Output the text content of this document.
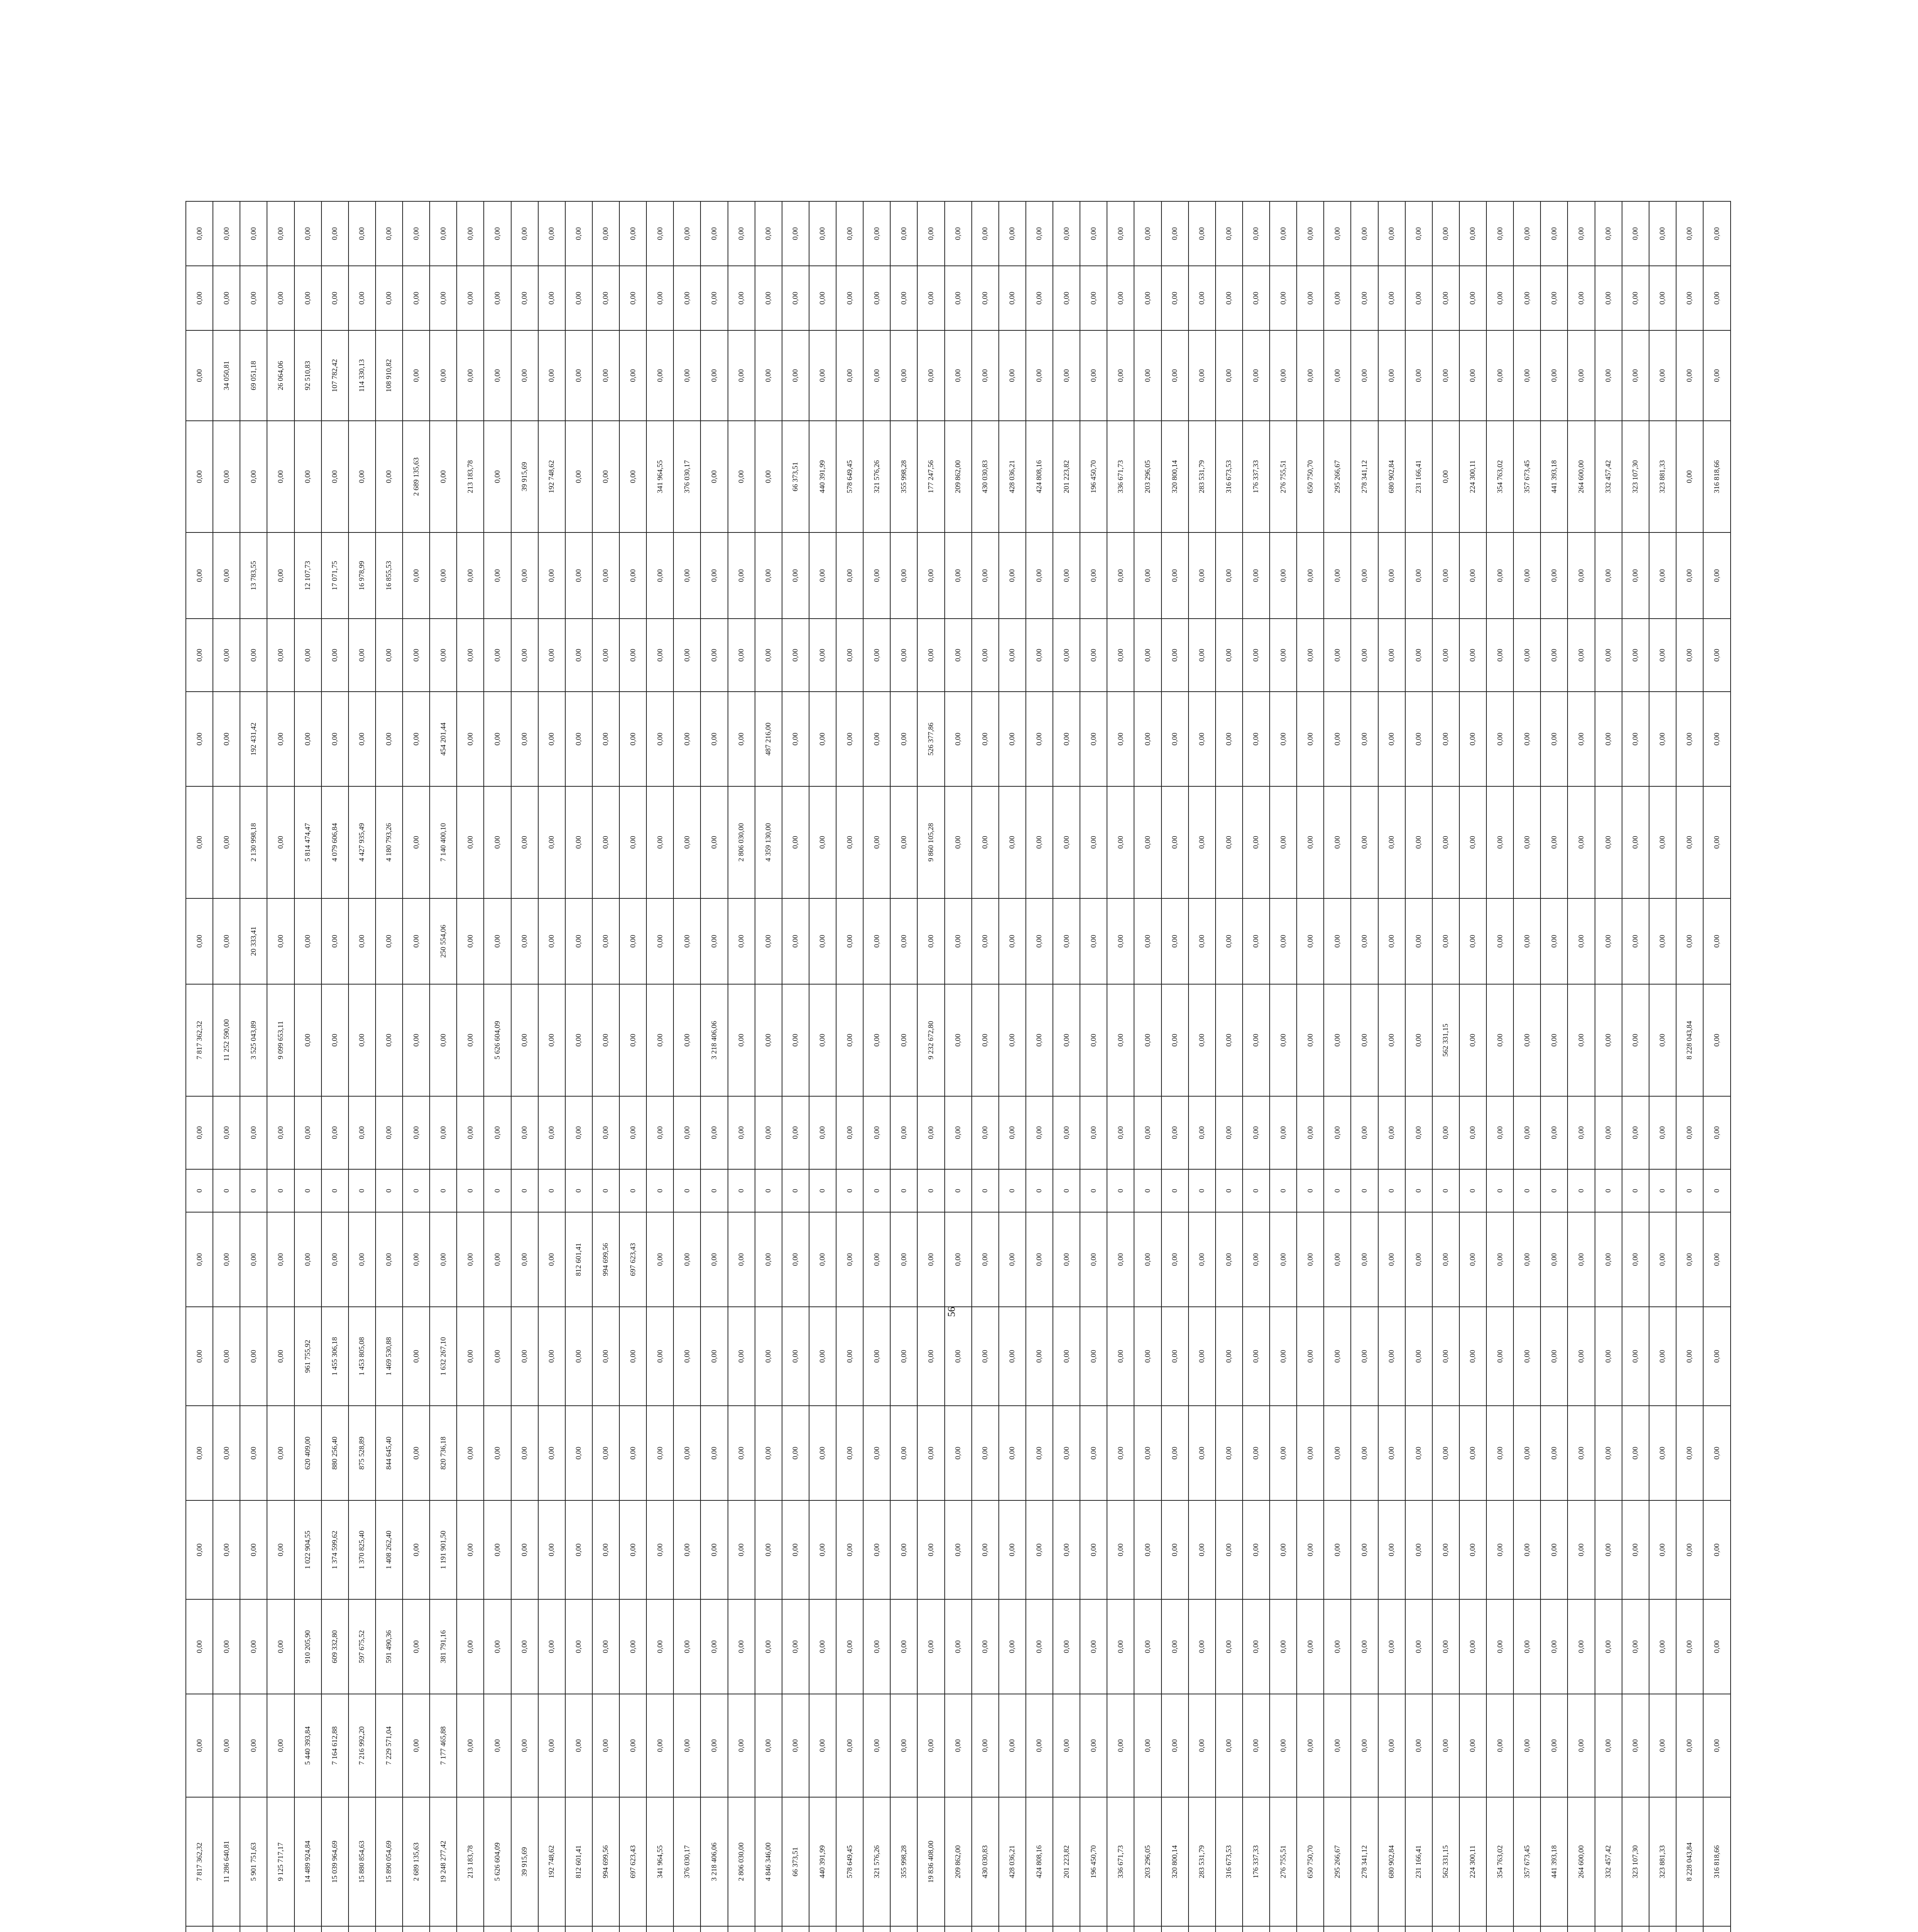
		7 817 362,32	0,00	0,00	0,00	0,00	0,00	0,00	0	0,00	7 817 362,32	0,00	0,00	0,00	0,00	0,00	0,00	0,00	0,00	0,00
		11 286 640,81	0,00	0,00	0,00	0,00	0,00	0,00	0	0,00	11 252 590,00	0,00	0,00	0,00	0,00	0,00	0,00	34 050,81	0,00	0,00
		5 901 751,63	0,00	0,00	0,00	0,00	0,00	0,00	0	0,00	3 525 043,89	20 333,41	2 130 998,18	192 431,42	0,00	13 783,55	0,00	69 051,18	0,00	0,00
		9 125 717,17	0,00	0,00	0,00	0,00	0,00	0,00	0	0,00	9 099 653,11	0,00	0,00	0,00	0,00	0,00	0,00	26 064,06	0,00	0,00
		14 489 924,84	5 440 393,84	910 205,90	1 022 904,55	620 409,00	961 755,92	0,00	0	0,00	0,00	0,00	5 814 474,47	0,00	0,00	12 107,73	0,00	92 510,83	0,00	0,00
		15 039 964,69	7 164 612,88	609 332,80	1 374 599,62	880 256,40	1 455 306,18	0,00	0	0,00	0,00	0,00	4 079 606,84	0,00	0,00	17 071,75	0,00	107 782,42	0,00	0,00
		15 880 854,63	7 216 992,20	597 675,52	1 370 825,40	875 528,89	1 453 805,08	0,00	0	0,00	0,00	0,00	4 427 935,49	0,00	0,00	16 978,99	0,00	114 330,13	0,00	0,00
		15 890 054,69	7 229 571,04	591 490,36	1 408 262,40	844 645,40	1 469 530,88	0,00	0	0,00	0,00	0,00	4 180 793,26	0,00	0,00	16 855,53	0,00	108 910,82	0,00	0,00
		2 689 135,63	0,00	0,00	0,00	0,00	0,00	0,00	0	0,00	0,00	0,00	0,00	0,00	0,00	0,00	2 689 135,63	0,00	0,00	0,00
		19 248 277,42	7 177 465,88	381 791,16	1 191 901,50	820 736,18	1 632 267,10	0,00	0	0,00	0,00	250 554,06	7 140 400,10	454 201,44	0,00	0,00	0,00	0,00	0,00	0,00
		213 183,78	0,00	0,00	0,00	0,00	0,00	0,00	0	0,00	0,00	0,00	0,00	0,00	0,00	0,00	213 183,78	0,00	0,00	0,00
		5 626 604,09	0,00	0,00	0,00	0,00	0,00	0,00	0	0,00	5 626 604,09	0,00	0,00	0,00	0,00	0,00	0,00	0,00	0,00	0,00
		39 915,69	0,00	0,00	0,00	0,00	0,00	0,00	0	0,00	0,00	0,00	0,00	0,00	0,00	0,00	39 915,69	0,00	0,00	0,00
		192 748,62	0,00	0,00	0,00	0,00	0,00	0,00	0	0,00	0,00	0,00	0,00	0,00	0,00	0,00	192 748,62	0,00	0,00	0,00
		812 601,41	0,00	0,00	0,00	0,00	0,00	812 601,41	0	0,00	0,00	0,00	0,00	0,00	0,00	0,00	0,00	0,00	0,00	0,00
		994 699,56	0,00	0,00	0,00	0,00	0,00	994 699,56	0	0,00	0,00	0,00	0,00	0,00	0,00	0,00	0,00	0,00	0,00	0,00
		697 623,43	0,00	0,00	0,00	0,00	0,00	697 623,43	0	0,00	0,00	0,00	0,00	0,00	0,00	0,00	0,00	0,00	0,00	0,00
		341 964,55	0,00	0,00	0,00	0,00	0,00	0,00	0	0,00	0,00	0,00	0,00	0,00	0,00	0,00	341 964,55	0,00	0,00	0,00
		376 030,17	0,00	0,00	0,00	0,00	0,00	0,00	0	0,00	0,00	0,00	0,00	0,00	0,00	0,00	376 030,17	0,00	0,00	0,00
		3 218 406,06	0,00	0,00	0,00	0,00	0,00	0,00	0	0,00	3 218 406,06	0,00	0,00	0,00	0,00	0,00	0,00	0,00	0,00	0,00
		2 806 030,00	0,00	0,00	0,00	0,00	0,00	0,00	0	0,00	0,00	0,00	2 806 030,00	0,00	0,00	0,00	0,00	0,00	0,00	0,00
		4 846 346,00	0,00	0,00	0,00	0,00	0,00	0,00	0	0,00	0,00	0,00	4 359 130,00	487 216,00	0,00	0,00	0,00	0,00	0,00	0,00
		66 373,51	0,00	0,00	0,00	0,00	0,00	0,00	0	0,00	0,00	0,00	0,00	0,00	0,00	0,00	66 373,51	0,00	0,00	0,00
		440 391,99	0,00	0,00	0,00	0,00	0,00	0,00	0	0,00	0,00	0,00	0,00	0,00	0,00	0,00	440 391,99	0,00	0,00	0,00
		578 649,45	0,00	0,00	0,00	0,00	0,00	0,00	0	0,00	0,00	0,00	0,00	0,00	0,00	0,00	578 649,45	0,00	0,00	0,00
		321 576,26	0,00	0,00	0,00	0,00	0,00	0,00	0	0,00	0,00	0,00	0,00	0,00	0,00	0,00	321 576,26	0,00	0,00	0,00
		355 998,28	0,00	0,00	0,00	0,00	0,00	0,00	0	0,00	0,00	0,00	0,00	0,00	0,00	0,00	355 998,28	0,00	0,00	0,00
		19 836 408,00	0,00	0,00	0,00	0,00	0,00	0,00	0	0,00	9 232 672,80	0,00	9 860 105,28	526 377,86	0,00	0,00	177 247,56	0,00	0,00	0,00
		209 862,00	0,00	0,00	0,00	0,00	0,00	0,00	0	0,00	0,00	0,00	0,00	0,00	0,00	0,00	209 862,00	0,00	0,00	0,00
		430 030,83	0,00	0,00	0,00	0,00	0,00	0,00	0	0,00	0,00	0,00	0,00	0,00	0,00	0,00	430 030,83	0,00	0,00	0,00
		428 036,21	0,00	0,00	0,00	0,00	0,00	0,00	0	0,00	0,00	0,00	0,00	0,00	0,00	0,00	428 036,21	0,00	0,00	0,00
		424 808,16	0,00	0,00	0,00	0,00	0,00	0,00	0	0,00	0,00	0,00	0,00	0,00	0,00	0,00	424 808,16	0,00	0,00	0,00
		201 223,82	0,00	0,00	0,00	0,00	0,00	0,00	0	0,00	0,00	0,00	0,00	0,00	0,00	0,00	201 223,82	0,00	0,00	0,00
		196 450,70	0,00	0,00	0,00	0,00	0,00	0,00	0	0,00	0,00	0,00	0,00	0,00	0,00	0,00	196 450,70	0,00	0,00	0,00
		336 671,73	0,00	0,00	0,00	0,00	0,00	0,00	0	0,00	0,00	0,00	0,00	0,00	0,00	0,00	336 671,73	0,00	0,00	0,00
		203 296,05	0,00	0,00	0,00	0,00	0,00	0,00	0	0,00	0,00	0,00	0,00	0,00	0,00	0,00	203 296,05	0,00	0,00	0,00
		320 800,14	0,00	0,00	0,00	0,00	0,00	0,00	0	0,00	0,00	0,00	0,00	0,00	0,00	0,00	320 800,14	0,00	0,00	0,00
		283 531,79	0,00	0,00	0,00	0,00	0,00	0,00	0	0,00	0,00	0,00	0,00	0,00	0,00	0,00	283 531,79	0,00	0,00	0,00
		316 673,53	0,00	0,00	0,00	0,00	0,00	0,00	0	0,00	0,00	0,00	0,00	0,00	0,00	0,00	316 673,53	0,00	0,00	0,00
		176 337,33	0,00	0,00	0,00	0,00	0,00	0,00	0	0,00	0,00	0,00	0,00	0,00	0,00	0,00	176 337,33	0,00	0,00	0,00
		276 755,51	0,00	0,00	0,00	0,00	0,00	0,00	0	0,00	0,00	0,00	0,00	0,00	0,00	0,00	276 755,51	0,00	0,00	0,00
		650 750,70	0,00	0,00	0,00	0,00	0,00	0,00	0	0,00	0,00	0,00	0,00	0,00	0,00	0,00	650 750,70	0,00	0,00	0,00
		295 266,67	0,00	0,00	0,00	0,00	0,00	0,00	0	0,00	0,00	0,00	0,00	0,00	0,00	0,00	295 266,67	0,00	0,00	0,00
		278 341,12	0,00	0,00	0,00	0,00	0,00	0,00	0	0,00	0,00	0,00	0,00	0,00	0,00	0,00	278 341,12	0,00	0,00	0,00
		680 902,84	0,00	0,00	0,00	0,00	0,00	0,00	0	0,00	0,00	0,00	0,00	0,00	0,00	0,00	680 902,84	0,00	0,00	0,00
		231 166,41	0,00	0,00	0,00	0,00	0,00	0,00	0	0,00	0,00	0,00	0,00	0,00	0,00	0,00	231 166,41	0,00	0,00	0,00
		562 331,15	0,00	0,00	0,00	0,00	0,00	0,00	0	0,00	562 331,15	0,00	0,00	0,00	0,00	0,00	0,00	0,00	0,00	0,00
		224 300,11	0,00	0,00	0,00	0,00	0,00	0,00	0	0,00	0,00	0,00	0,00	0,00	0,00	0,00	224 300,11	0,00	0,00	0,00
		354 763,02	0,00	0,00	0,00	0,00	0,00	0,00	0	0,00	0,00	0,00	0,00	0,00	0,00	0,00	354 763,02	0,00	0,00	0,00
		357 673,45	0,00	0,00	0,00	0,00	0,00	0,00	0	0,00	0,00	0,00	0,00	0,00	0,00	0,00	357 673,45	0,00	0,00	0,00
		441 393,18	0,00	0,00	0,00	0,00	0,00	0,00	0	0,00	0,00	0,00	0,00	0,00	0,00	0,00	441 393,18	0,00	0,00	0,00
		264 600,00	0,00	0,00	0,00	0,00	0,00	0,00	0	0,00	0,00	0,00	0,00	0,00	0,00	0,00	264 600,00	0,00	0,00	0,00
		332 457,42	0,00	0,00	0,00	0,00	0,00	0,00	0	0,00	0,00	0,00	0,00	0,00	0,00	0,00	332 457,42	0,00	0,00	0,00
		323 107,30	0,00	0,00	0,00	0,00	0,00	0,00	0	0,00	0,00	0,00	0,00	0,00	0,00	0,00	323 107,30	0,00	0,00	0,00
		323 881,33	0,00	0,00	0,00	0,00	0,00	0,00	0	0,00	0,00	0,00	0,00	0,00	0,00	0,00	323 881,33	0,00	0,00	0,00
		8 228 043,84	0,00	0,00	0,00	0,00	0,00	0,00	0	0,00	8 228 043,84	0,00	0,00	0,00	0,00	0,00	0,00	0,00	0,00	0,00
		316 818,66	0,00	0,00	0,00	0,00	0,00	0,00	0	0,00	0,00	0,00	0,00	0,00	0,00	0,00	316 818,66	0,00	0,00	0,00
56
